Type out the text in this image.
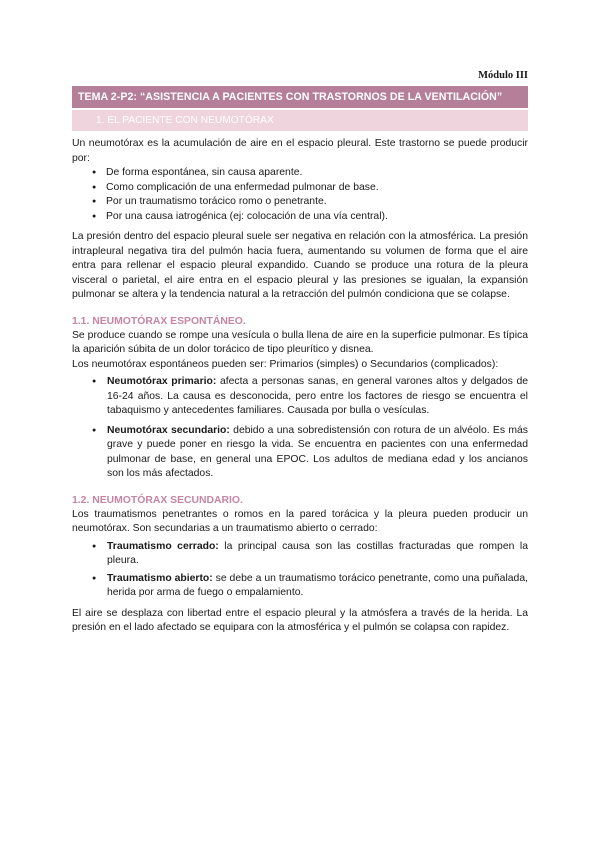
Módulo III
TEMA 2-P2: “ASISTENCIA A PACIENTES CON TRASTORNOS DE LA VENTILACIÓN”
1. EL PACIENTE CON NEUMOTÓRAX

Un neumotórax es la acumulación de aire en el espacio pleural. Este trastorno se puede producir por:

● De forma espontánea, sin causa aparente.
● Como complicación de una enfermedad pulmonar de base.
● Por un traumatismo torácico romo o penetrante.
● Por una causa iatrogénica (ej: colocación de una vía central).

La presión dentro del espacio pleural suele ser negativa en relación con la atmosférica. La presión intrapleural negativa tira del pulmón hacia fuera, aumentando su volumen de forma que el aire entra para rellenar el espacio pleural expandido. Cuando se produce una rotura de la pleura visceral o parietal, el aire entra en el espacio pleural y las presiones se igualan, la expansión pulmonar se altera y la tendencia natural a la retracción del pulmón condiciona que se colapse.

1.1. NEUMOTÓRAX ESPONTÁNEO.

Se produce cuando se rompe una vesícula o bulla llena de aire en la superficie pulmonar. Es típica la aparición súbita de un dolor torácico de tipo pleurítico y disnea.

Los neumotórax espontáneos pueden ser: Primarios (simples) o Secundarios (complicados):

● Neumotórax primario: afecta a personas sanas, en general varones altos y delgados de 16-24 años. La causa es desconocida, pero entre los factores de riesgo se encuentra el tabaquismo y antecedentes familiares. Causada por bulla o vesículas.
● Neumotórax secundario: debido a una sobredistensión con rotura de un alvéolo. Es más grave y puede poner en riesgo la vida. Se encuentra en pacientes con una enfermedad pulmonar de base, en general una EPOC. Los adultos de mediana edad y los ancianos son los más afectados.
1.2. NEUMOTÓRAX SECUNDARIO.

Los traumatismos penetrantes o romos en la pared torácica y la pleura pueden producir un neumotórax. Son secundarias a un traumatismo abierto o cerrado:

● Traumatismo cerrado: la principal causa son las costillas fracturadas que rompen la pleura.
● Traumatismo abierto: se debe a un traumatismo torácico penetrante, como una puñalada, herida por arma de fuego o empalamiento.

El aire se desplaza con libertad entre el espacio pleural y la atmósfera a través de la herida. La presión en el lado afectado se equipara con la atmosférica y el pulmón se colapsa con rapidez.
